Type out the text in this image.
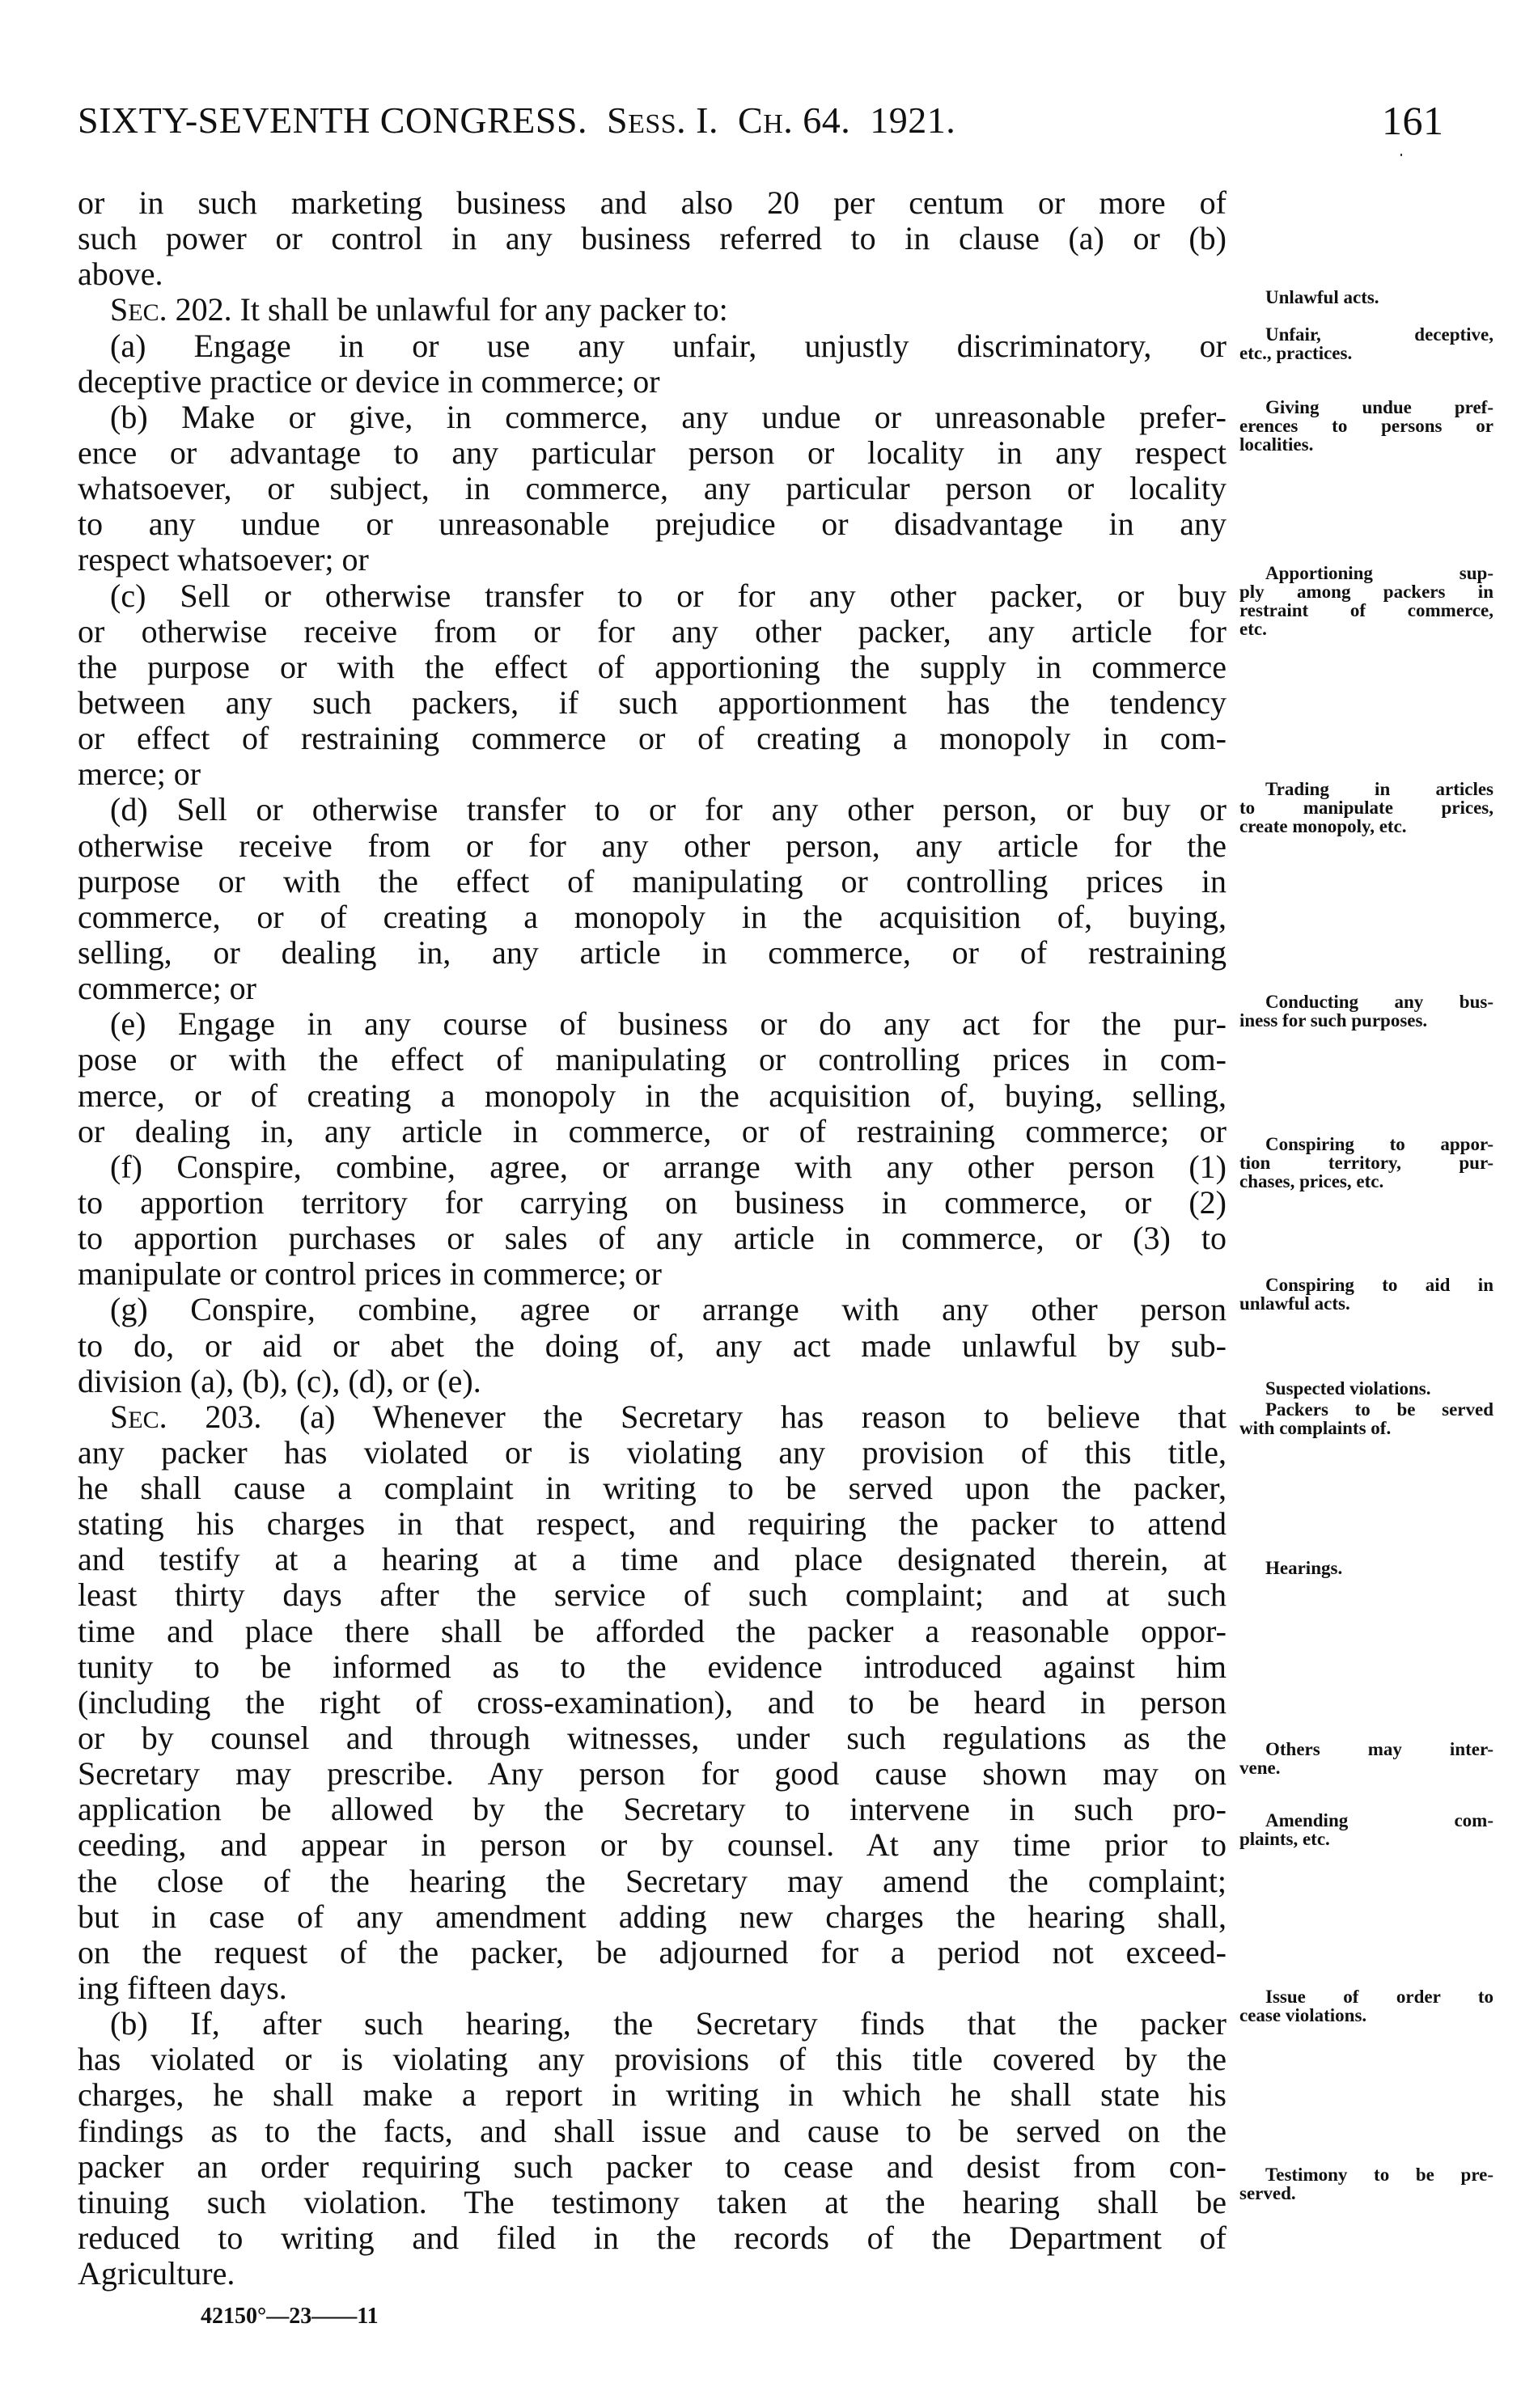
SIXTY-SEVENTH CONGRESS. SESS. I. CH. 64. 1921.	161
or in such marketing business and also 20 per centum or more of
such power or control in any business referred to in clause (a) or (b)
above.
SEC. 202. It shall be unlawful for any packer to:
(a) Engage in or use any unfair, unjustly discriminatory, or
deceptive practice or device in commerce; or
(b) Make or give, in commerce, any undue or unreasonable prefer-
ence or advantage to any particular person or locality in any respect
whatsoever, or subject, in commerce, any particular person or locality
to any undue or unreasonable prejudice or disadvantage in any
respect whatsoever; or
(c) Sell or otherwise transfer to or for any other packer, or buy
or otherwise receive from or for any other packer, any article for
the purpose or with the effect of apportioning the supply in commerce
between any such packers, if such apportionment has the tendency
or effect of restraining commerce or of creating a monopoly in com-
merce; or
(d) Sell or otherwise transfer to or for any other person, or buy or
otherwise receive from or for any other person, any article for the
purpose or with the effect of manipulating or controlling prices in
commerce, or of creating a monopoly in the acquisition of, buying,
selling, or dealing in, any article in commerce, or of restraining
commerce; or
(e) Engage in any course of business or do any act for the pur-
pose or with the effect of manipulating or controlling prices in com-
merce, or of creating a monopoly in the acquisition of, buying, selling,
or dealing in, any article in commerce, or of restraining commerce; or
(f) Conspire, combine, agree, or arrange with any other person (1)
to apportion territory for carrying on business in commerce, or (2)
to apportion purchases or sales of any article in commerce, or (3) to
manipulate or control prices in commerce; or
(g) Conspire, combine, agree or arrange with any other person
to do, or aid or abet the doing of, any act made unlawful by sub-
division (a), (b), (c), (d), or (e).
SEC. 203. (a) Whenever the Secretary has reason to believe that
any packer has violated or is violating any provision of this title,
he shall cause a complaint in writing to be served upon the packer,
stating his charges in that respect, and requiring the packer to attend
and testify at a hearing at a time and place designated therein, at
least thirty days after the service of such complaint; and at such
time and place there shall be afforded the packer a reasonable oppor-
tunity to be informed as to the evidence introduced against him
(including the right of cross-examination), and to be heard in person
or by counsel and through witnesses, under such regulations as the
Secretary may prescribe. Any person for good cause shown may on
application be allowed by the Secretary to intervene in such pro-
ceeding, and appear in person or by counsel. At any time prior to
the close of the hearing the Secretary may amend the complaint;
but in case of any amendment adding new charges the hearing shall,
on the request of the packer, be adjourned for a period not exceed-
ing fifteen days.
(b) If, after such hearing, the Secretary finds that the packer
has violated or is violating any provisions of this title covered by the
charges, he shall make a report in writing in which he shall state his
findings as to the facts, and shall issue and cause to be served on the
packer an order requiring such packer to cease and desist from con-
tinuing such violation. The testimony taken at the hearing shall be
reduced to writing and filed in the records of the Department of
Agriculture.
Unlawful acts.
Unfair, deceptive,
etc., practices.
Giving undue pref-
erences to persons or
localities.
Apportioning sup-
ply among packers in
restraint of commerce,
etc.
Trading in articles
to manipulate prices,
create monopoly, etc.
Conducting any bus-
iness for such purposes.
Conspiring to appor-
tion territory, pur-
chases, prices, etc.
Conspiring to aid in
unlawful acts.
Suspected violations.
Packers to be served
with complaints of.
Hearings.
Others may inter-
vene.
Amending com-
plaints, etc.
Issue of order to
cease violations.
Testimony to be pre-
served.
42150°—23——11
